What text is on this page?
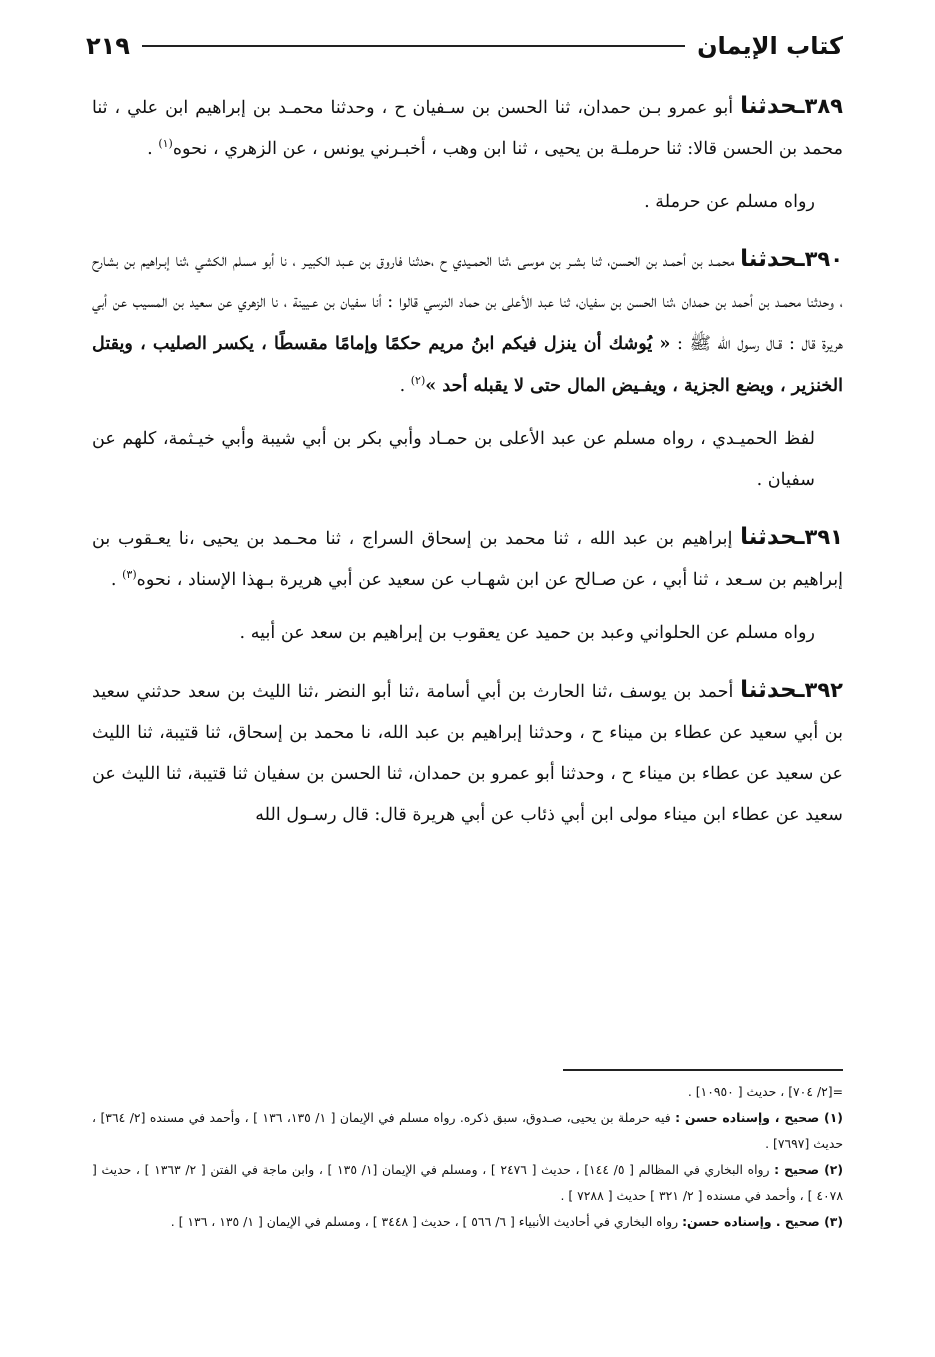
كتاب الإيمان
٢١٩

٣٨٩ـحدثنا أبو عمرو بـن حمدان، ثنا الحسن بن سـفيان ح ، وحدثنا محمـد بن إبراهيم ابن علي ، ثنا محمد بن الحسن قالا: ثنا حرملـة بن يحيى ، ثنا ابن وهب ، أخبـرني يونس ، عن الزهري ، نحوه$^{(١)}$ .

رواه مسلم عن حرملة .

٣٩٠ـحدثنا محمـد بن أحمـد بن الحسن، ثنا بشـر بن موسى ،ثنا الحمـيدي ح ،حدثنا فاروق بن عـبد الكبيـر ، نا أبو مسلم الكشي ،ثنا إبـراهيم بن بشارح ، وحدثنا محمـد بن أحمد بن حمدان ،ثنا الحسن بن سفيان، ثنا عبد الأعلى بن حماد النرسي قالوا : أنا سفيان بن عـيينة ، نا الزهري عن سعيد بن المسيب عن أبي هريرة قال : قـال رسول الله ﷺ : « يُوشك أن ينزل فيكم ابنُ مريم حكمًا وإمامًا مقسطًا ، يكسر الصليب ، ويقتل الخنزير ، ويضع الجزية ، ويفـيض المال حتى لا يقبله أحد »$^{(٢)}$ .

لفظ الحميـدي ، رواه مسلم عن عبد الأعلى بن حمـاد وأبي بكر بن أبي شيبة وأبي خيـثمة، كلهم عن سفيان .

٣٩١ـحدثنا إبراهيم بن عبد الله ، ثنا محمد بن إسحاق السراج ، ثنا محـمد بن يحيى ،نا يعـقوب بن إبراهيم بن سـعد ، ثنا أبي ، عن صـالح عن ابن شهـاب عن سعيد عن أبي هريرة بـهذا الإسناد ، نحوه$^{(٣)}$ .

رواه مسلم عن الحلواني وعبد بن حميد عن يعقوب بن إبراهيم بن سعد عن أبيه .

٣٩٢ـحدثنا أحمد بن يوسف ،ثنا الحارث بن أبي أسامة ،ثنا أبو النضر ،ثنا الليث بن سعد حدثني سعيد بن أبي سعيد عن عطاء بن ميناء ح ، وحدثنا إبراهيم بن عبد الله، نا محمد بن إسحاق، ثنا قتيبة، ثنا الليث عن سعيد عن عطاء بن ميناء ح ، وحدثنا أبو عمرو بن حمدان، ثنا الحسن بن سفيان ثنا قتيبة، ثنا الليث عن سعيد عن عطاء ابن ميناء مولى ابن أبي ذئاب عن أبي هريرة قال: قال رسـول الله

=[٢/ ٧٠٤] ، حديث [ ١٠٩٥٠] .

(١) صحيح ، وإسناده حسن : فيه حرملة بن يحيى، صـدوق، سبق ذكره. رواه مسلم في الإيمان [ ١/ ١٣٥، ١٣٦ ] ، وأحمد في مسنده [٢/ ٣٦٤] ، حديث [٧٦٩٧] .

(٢) صحيح : رواه البخاري في المظالم [ ٥/ ١٤٤] ، حديث [ ٢٤٧٦ ] ، ومسلم في الإيمان [١/ ١٣٥ ] ، وابن ماجة في الفتن [ ٢/ ١٣٦٣ ] ، حديث [ ٤٠٧٨ ] ، وأحمد في مسنده [ ٢/ ٣٢١ ] حديث [ ٧٢٨٨ ] .

(٣) صحيح . وإسناده حسن: رواه البخاري في أحاديث الأنبياء [ ٦/ ٥٦٦ ] ، حديث [ ٣٤٤٨ ] ، ومسلم في الإيمان [ ١/ ١٣٥ ، ١٣٦ ] .
